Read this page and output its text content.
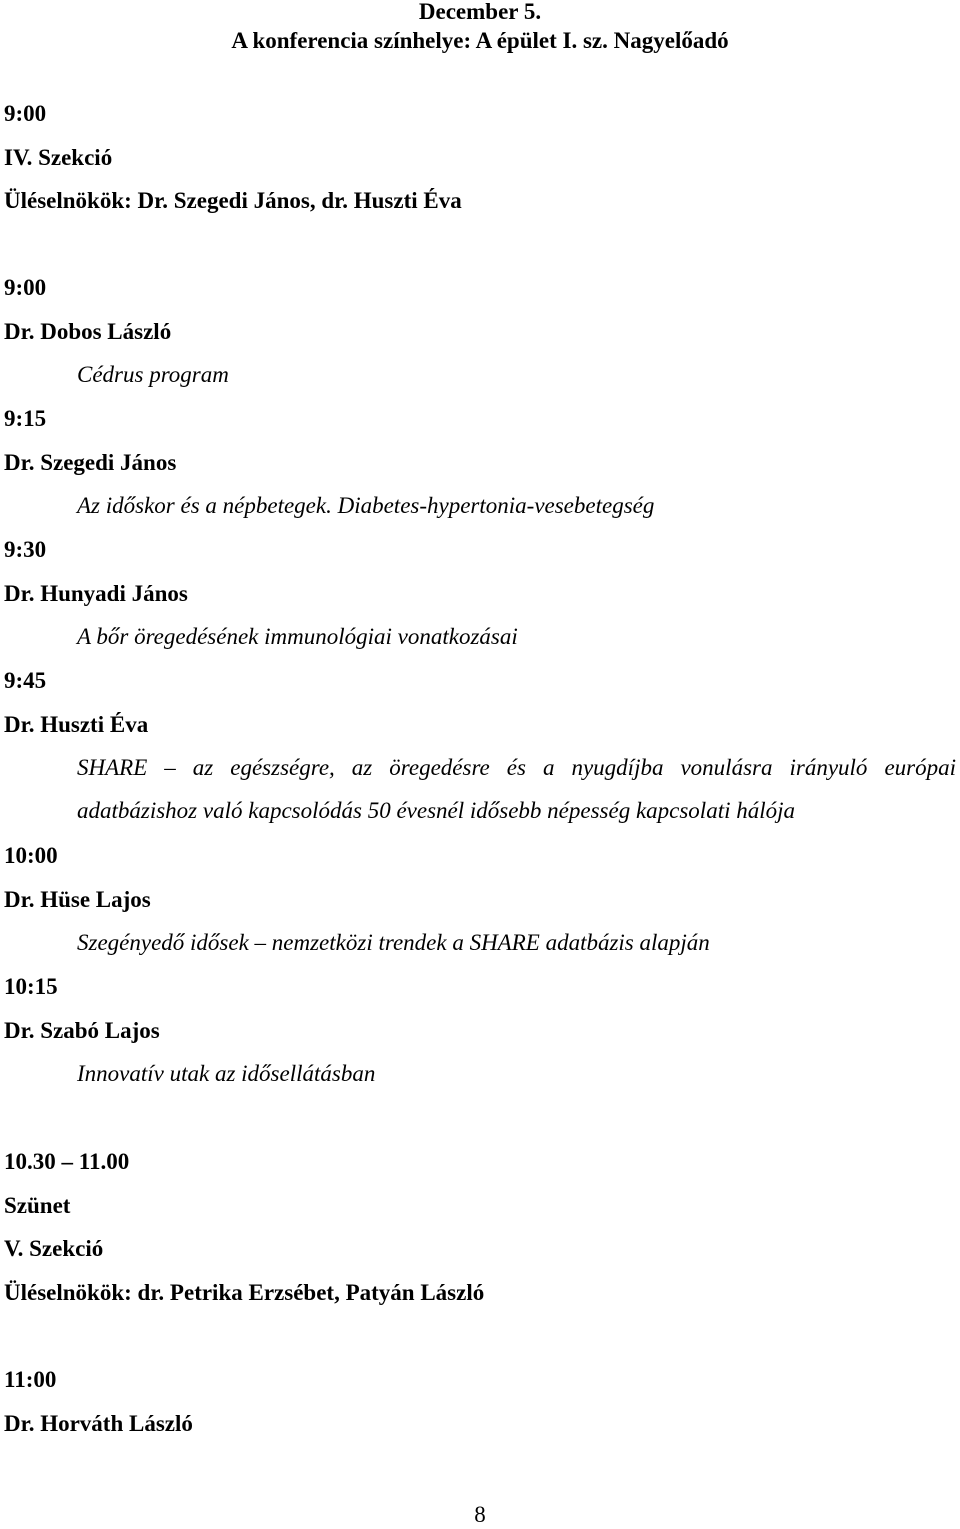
December 5.
A konferencia színhelye: A épület I. sz. Nagyelőadó
9:00
IV. Szekció
Üléselnökök: Dr. Szegedi János, dr. Huszti Éva
9:00
Dr. Dobos László
Cédrus program
9:15
Dr. Szegedi János
Az időskor és a népbetegek. Diabetes-hypertonia-vesebetegség
9:30
Dr. Hunyadi János
A bőr öregedésének immunológiai vonatkozásai
9:45
Dr. Huszti Éva
SHARE – az egészségre, az öregedésre és a nyugdíjba vonulásra irányuló európai adatbázishoz való kapcsolódás 50 évesnél idősebb népesség kapcsolati hálója
10:00
Dr. Hüse Lajos
Szegényedő idősek – nemzetközi trendek a SHARE adatbázis alapján
10:15
Dr. Szabó Lajos
Innovatív utak az idősellátásban
10.30 – 11.00
Szünet
V. Szekció
Üléselnökök: dr. Petrika Erzsébet, Patyán László
11:00
Dr. Horváth László
8
